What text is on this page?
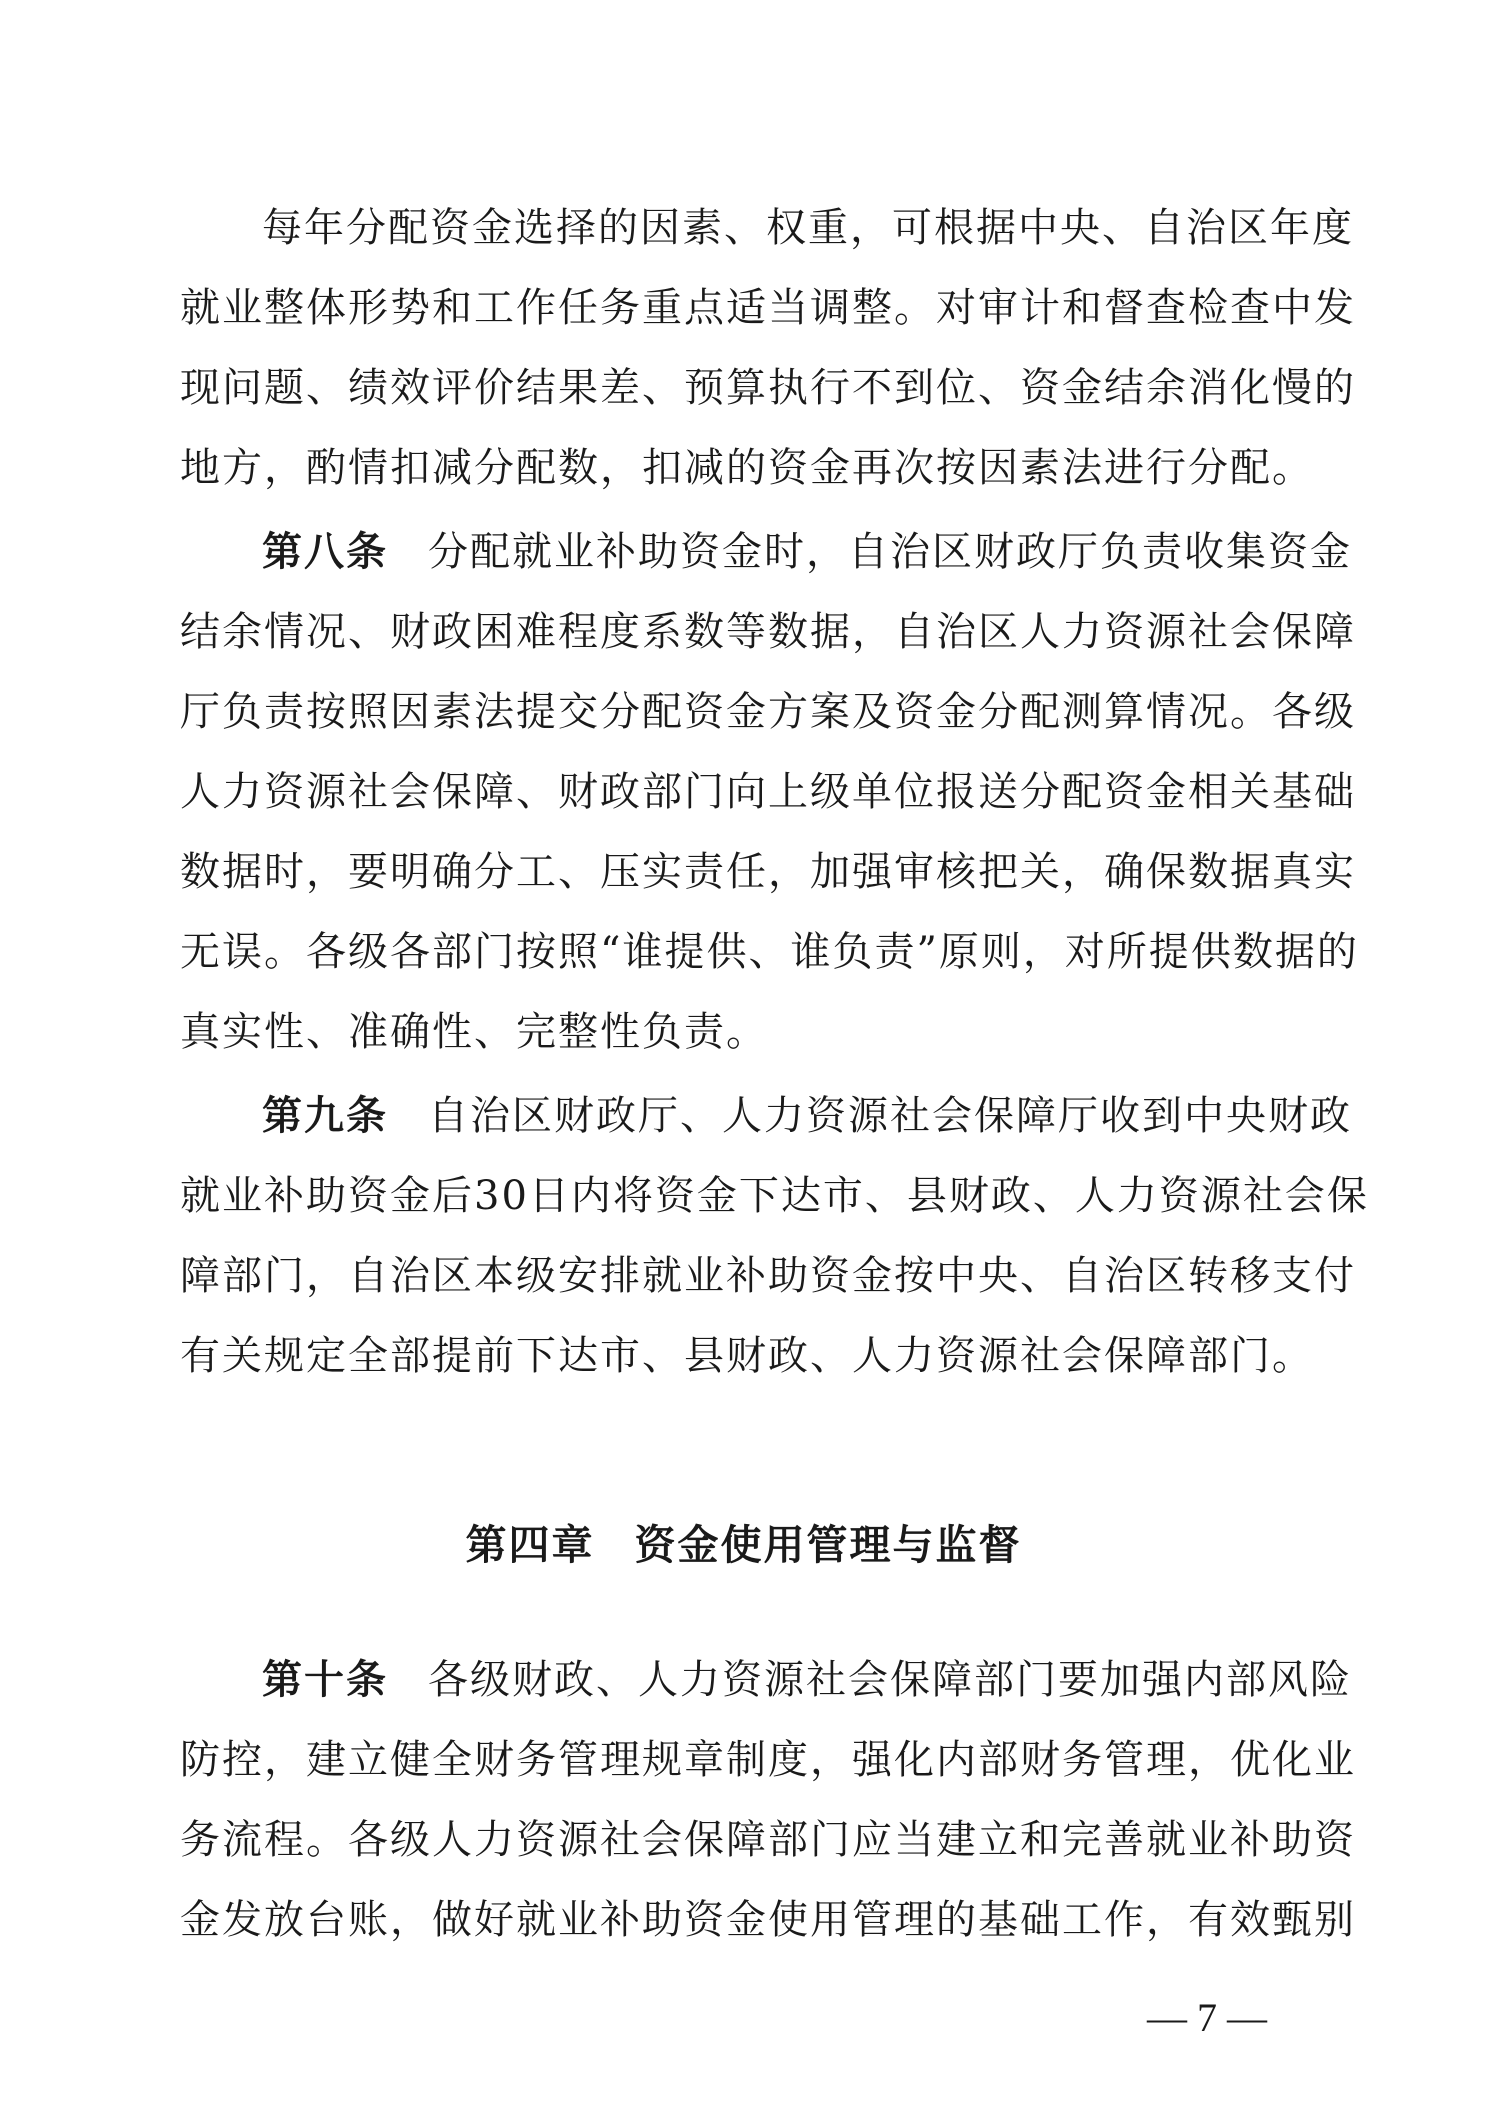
每年分配资金选择的因素、权重，可根据中央、自治区年度
就业整体形势和工作任务重点适当调整。对审计和督查检查中发
现问题、绩效评价结果差、预算执行不到位、资金结余消化慢的
地方，酌情扣减分配数，扣减的资金再次按因素法进行分配。
第八条 分配就业补助资金时，自治区财政厅负责收集资金
结余情况、财政困难程度系数等数据，自治区人力资源社会保障
厅负责按照因素法提交分配资金方案及资金分配测算情况。各级
人力资源社会保障、财政部门向上级单位报送分配资金相关基础
数据时，要明确分工、压实责任，加强审核把关，确保数据真实
无误。各级各部门按照“谁提供、谁负责”原则，对所提供数据的
真实性、准确性、完整性负责。
第九条 自治区财政厅、人力资源社会保障厅收到中央财政
就业补助资金后30日内将资金下达市、县财政、人力资源社会保
障部门，自治区本级安排就业补助资金按中央、自治区转移支付
有关规定全部提前下达市、县财政、人力资源社会保障部门。
第四章 资金使用管理与监督
第十条 各级财政、人力资源社会保障部门要加强内部风险
防控，建立健全财务管理规章制度，强化内部财务管理，优化业
务流程。各级人力资源社会保障部门应当建立和完善就业补助资
金发放台账，做好就业补助资金使用管理的基础工作，有效甄别
— 7 —
